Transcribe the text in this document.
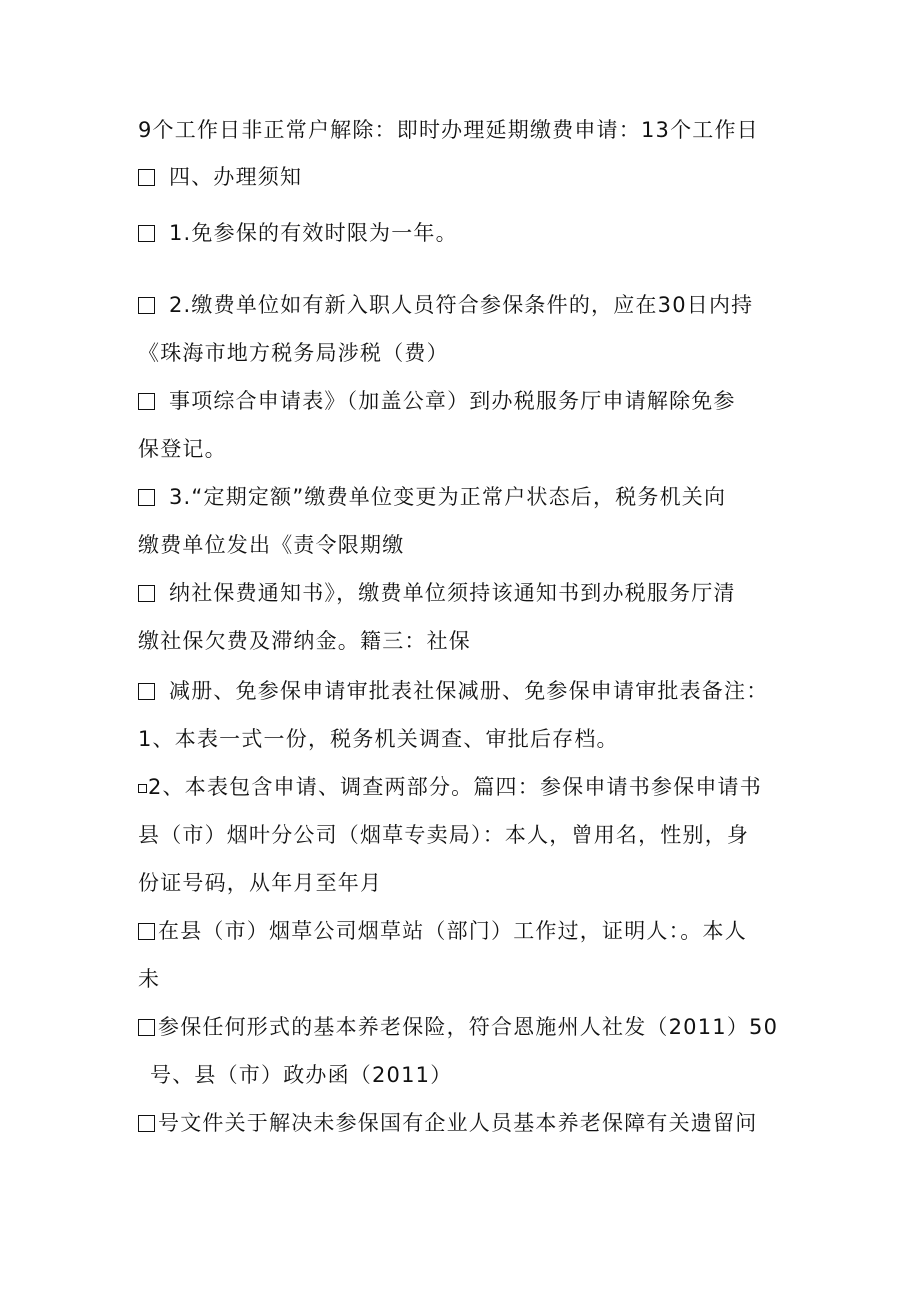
9个工作日非正常户解除：即时办理延期缴费申请：13个工作日
四、办理须知
1.免参保的有效时限为一年。
2.缴费单位如有新入职人员符合参保条件的，应在30日内持
《珠海市地方税务局涉税（费）
事项综合申请表》（加盖公章）到办税服务厅申请解除免参
保登记。
3.“定期定额”缴费单位变更为正常户状态后，税务机关向
缴费单位发出《责令限期缴
纳社保费通知书》，缴费单位须持该通知书到办税服务厅清
缴社保欠费及滞纳金。籍三：社保
减册、免参保申请审批表社保减册、免参保申请审批表备注：
1、本表一式一份，税务机关调查、审批后存档。
2、本表包含申请、调查两部分。篇四：参保申请书参保申请书
县（市）烟叶分公司（烟草专卖局）：本人，曾用名，性别，身
份证号码，从年月至年月
在县（市）烟草公司烟草站（部门）工作过，证明人：。本人
未
参保任何形式的基本养老保险，符合恩施州人社发（2011）50
号、县（市）政办函（2011）
号文件关于解决未参保国有企业人员基本养老保障有关遗留问
